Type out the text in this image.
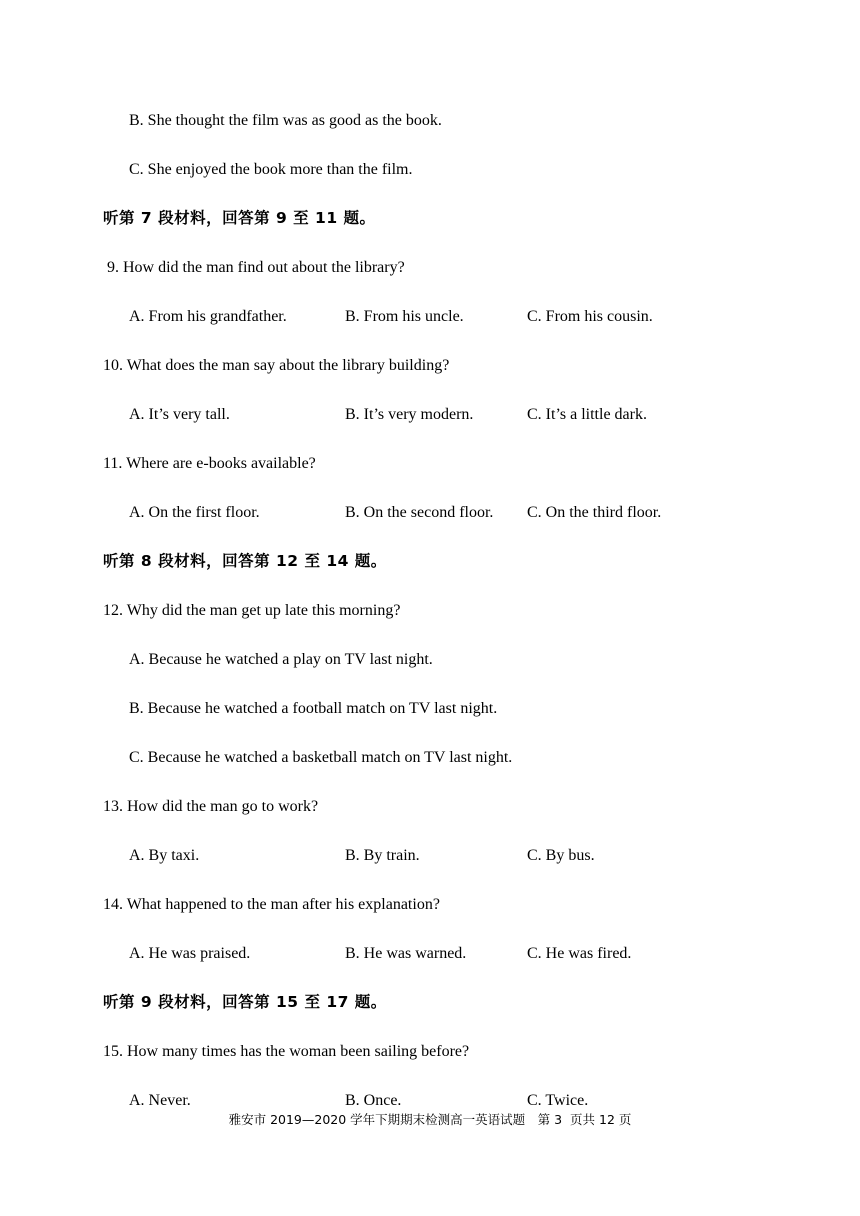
B. She thought the film was as good as the book.
C. She enjoyed the book more than the film.
听第 7 段材料，回答第 9 至 11 题。
9. How did the man find out about the library?
A. From his grandfather.	B. From his uncle.	C. From his cousin.
10. What does the man say about the library building?
A. It’s very tall.	B. It’s very modern.	C. It’s a little dark.
11. Where are e-books available?
A. On the first floor.	B. On the second floor. C. On the third floor.
听第 8 段材料，回答第 12 至 14 题。
12. Why did the man get up late this morning?
A. Because he watched a play on TV last night.
B. Because he watched a football match on TV last night.
C. Because he watched a basketball match on TV last night.
13. How did the man go to work?
A. By taxi.	B. By train.	C. By bus.
14. What happened to the man after his explanation?
A. He was praised.	B. He was warned.	C. He was fired.
听第 9 段材料，回答第 15 至 17 题。
15. How many times has the woman been sailing before?
A. Never.	B. Once.	C. Twice.
雅安市 2019—2020 学年下期期末检测高一英语试题　第 3  页共 12 页
